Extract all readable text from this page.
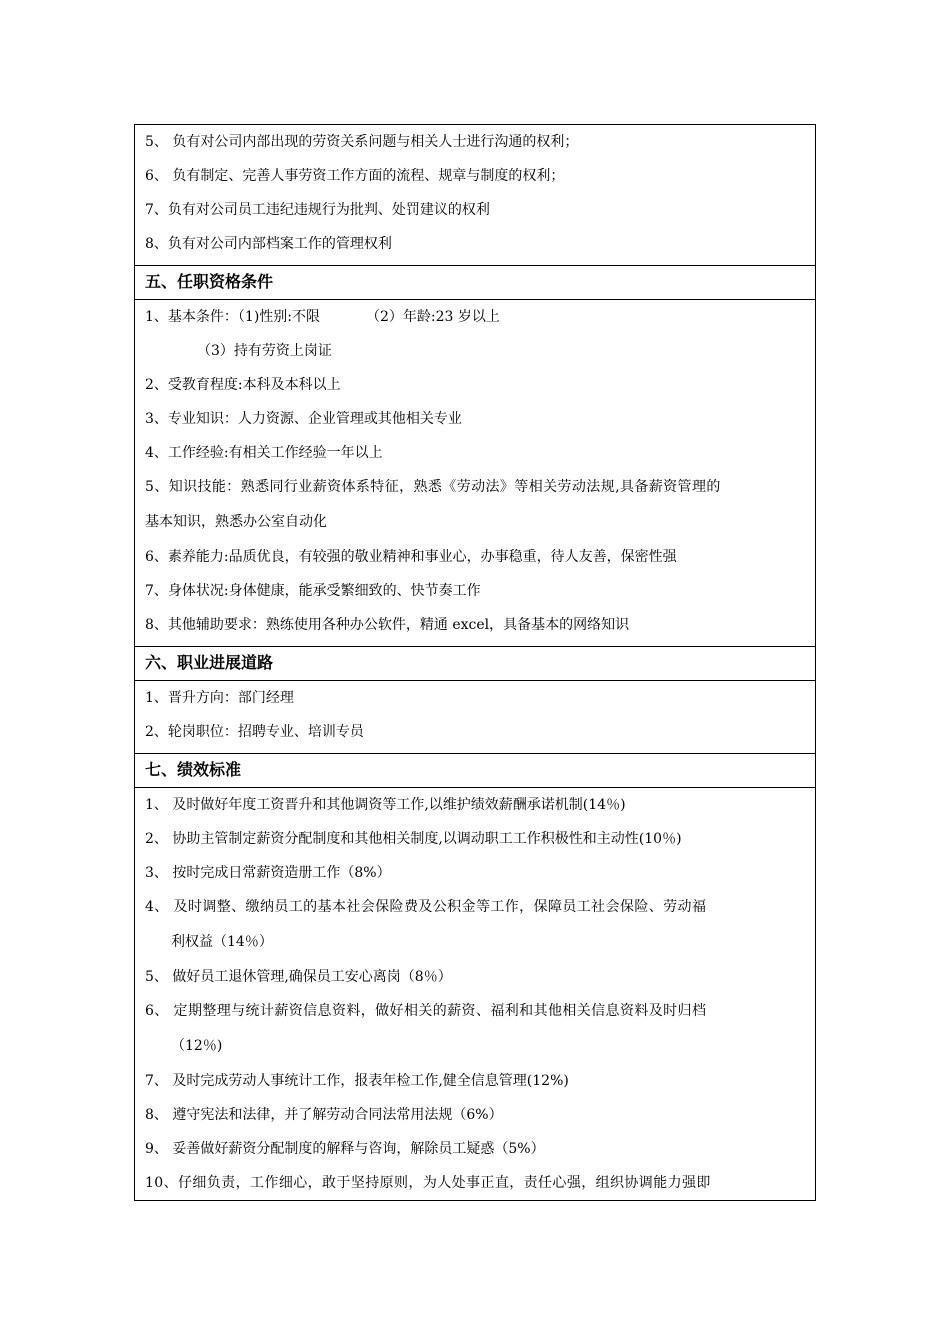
5、 负有对公司内部出现的劳资关系问题与相关人士进行沟通的权利；
6、 负有制定、完善人事劳资工作方面的流程、规章与制度的权利；
7、负有对公司员工违纪违规行为批判、处罚建议的权利
8、负有对公司内部档案工作的管理权利
五、任职资格条件
1、基本条件：（1)性别:不限	（2）年龄:23 岁以上
（3）持有劳资上岗证
2、受教育程度:本科及本科以上
3、专业知识：人力资源、企业管理或其他相关专业
4、工作经验:有相关工作经验一年以上
5、知识技能：熟悉同行业薪资体系特征，熟悉《劳动法》等相关劳动法规,具备薪资管理的
基本知识，熟悉办公室自动化
6、素养能力:品质优良，有较强的敬业精神和事业心，办事稳重，待人友善，保密性强
7、身体状况:身体健康，能承受繁细致的、快节奏工作
8、其他辅助要求：熟练使用各种办公软件，精通 excel，具备基本的网络知识
六、职业进展道路
1、晋升方向：部门经理
2、轮岗职位：招聘专业、培训专员
七、绩效标准
1、 及时做好年度工资晋升和其他调资等工作,以维护绩效薪酬承诺机制(14％)
2、 协助主管制定薪资分配制度和其他相关制度,以调动职工工作积极性和主动性(10％)
3、 按时完成日常薪资造册工作（8%）
4、 及时调整、缴纳员工的基本社会保险费及公积金等工作，保障员工社会保险、劳动福
利权益（14％）
5、 做好员工退休管理,确保员工安心离岗（8％）
6、 定期整理与统计薪资信息资料，做好相关的薪资、福利和其他相关信息资料及时归档
（12％)
7、 及时完成劳动人事统计工作，报表年检工作,健全信息管理(12%)
8、 遵守宪法和法律，并了解劳动合同法常用法规（6%）
9、 妥善做好薪资分配制度的解释与咨询，解除员工疑惑（5%）
10、仔细负责，工作细心，敢于坚持原则，为人处事正直，责任心强，组织协调能力强即
